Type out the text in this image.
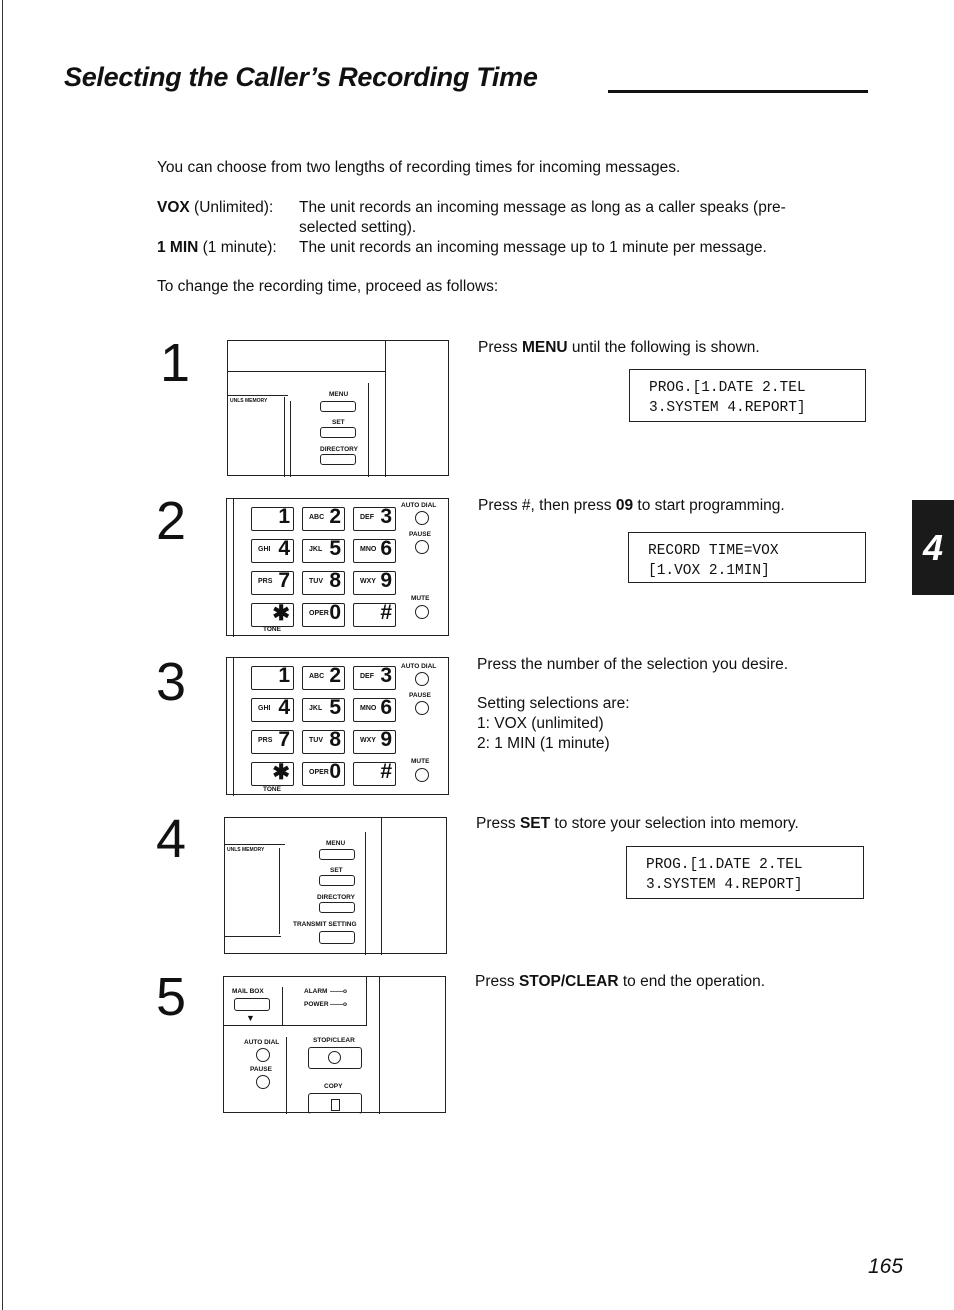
Selecting the Caller’s Recording Time
You can choose from two lengths of recording times for incoming messages.
VOX (Unlimited): The unit records an incoming message as long as a caller speaks (pre-
selected setting).
1 MIN (1 minute): The unit records an incoming message up to 1 minute per message.
To change the recording time, proceed as follows:
1
2
3
4
5
UNLS MEMORY
MENU
SET
DIRECTORY
AUTO DIAL
PAUSE
MUTE
TONE
1	ABC 2	DEF 3
GHI 4	JKL 5	MNO 6
PRS 7	TUV 8	WXY 9
✱	OPER 0 #
AUTO DIAL
PAUSE
MUTE
TONE
1	ABC 2	DEF 3
GHI 4	JKL 5	MNO 6
PRS 7	TUV 8	WXY 9
✱	OPER 0 #
UNLS MEMORY
MENU
SET
DIRECTORY
TRANSMIT SETTING
MAIL BOX
▼
ALARM ——o
POWER ——o
AUTO DIAL
PAUSE
STOP/CLEAR
COPY
Press MENU until the following is shown.
PROG.[1.DATE 2.TEL
3.SYSTEM 4.REPORT]
Press #, then press 09 to start programming.
RECORD TIME=VOX
[1.VOX 2.1MIN]
Press the number of the selection you desire.
Setting selections are:
1: VOX (unlimited)
2: 1 MIN (1 minute)
Press SET to store your selection into memory.
PROG.[1.DATE 2.TEL
3.SYSTEM 4.REPORT]
Press STOP/CLEAR to end the operation.
4
165
